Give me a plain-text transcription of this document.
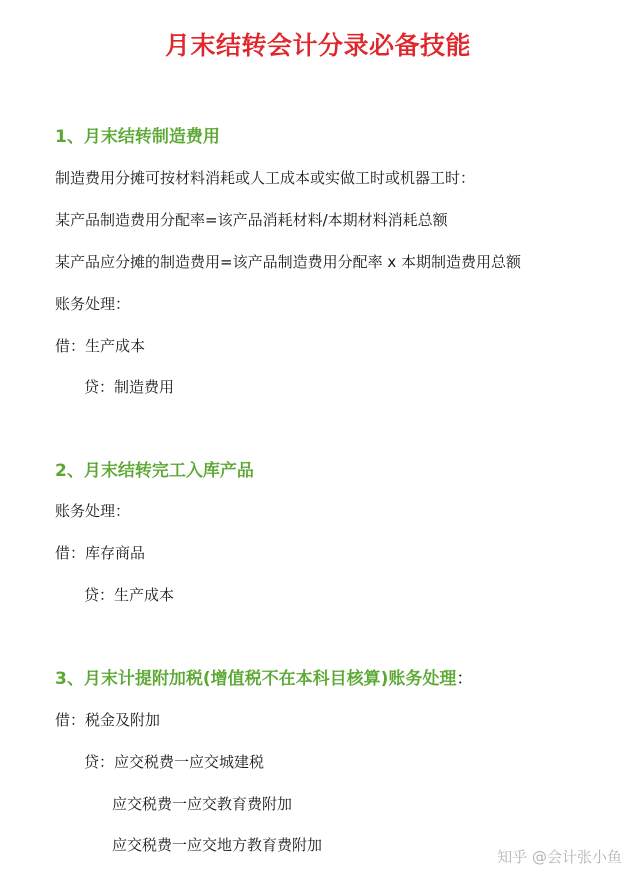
月末结转会计分录必备技能
1、月末结转制造费用
制造费用分摊可按材料消耗或人工成本或实做工时或机器工时：
某产品制造费用分配率=该产品消耗材料/本期材料消耗总额
某产品应分摊的制造费用=该产品制造费用分配率 x 本期制造费用总额
账务处理：
借：生产成本
贷：制造费用
2、月末结转完工入库产品
账务处理：
借：库存商品
贷：生产成本
3、月末计提附加税(增值税不在本科目核算)账务处理：
借：税金及附加
贷：应交税费一应交城建税
应交税费一应交教育费附加
应交税费一应交地方教育费附加
知乎 @会计张小鱼
